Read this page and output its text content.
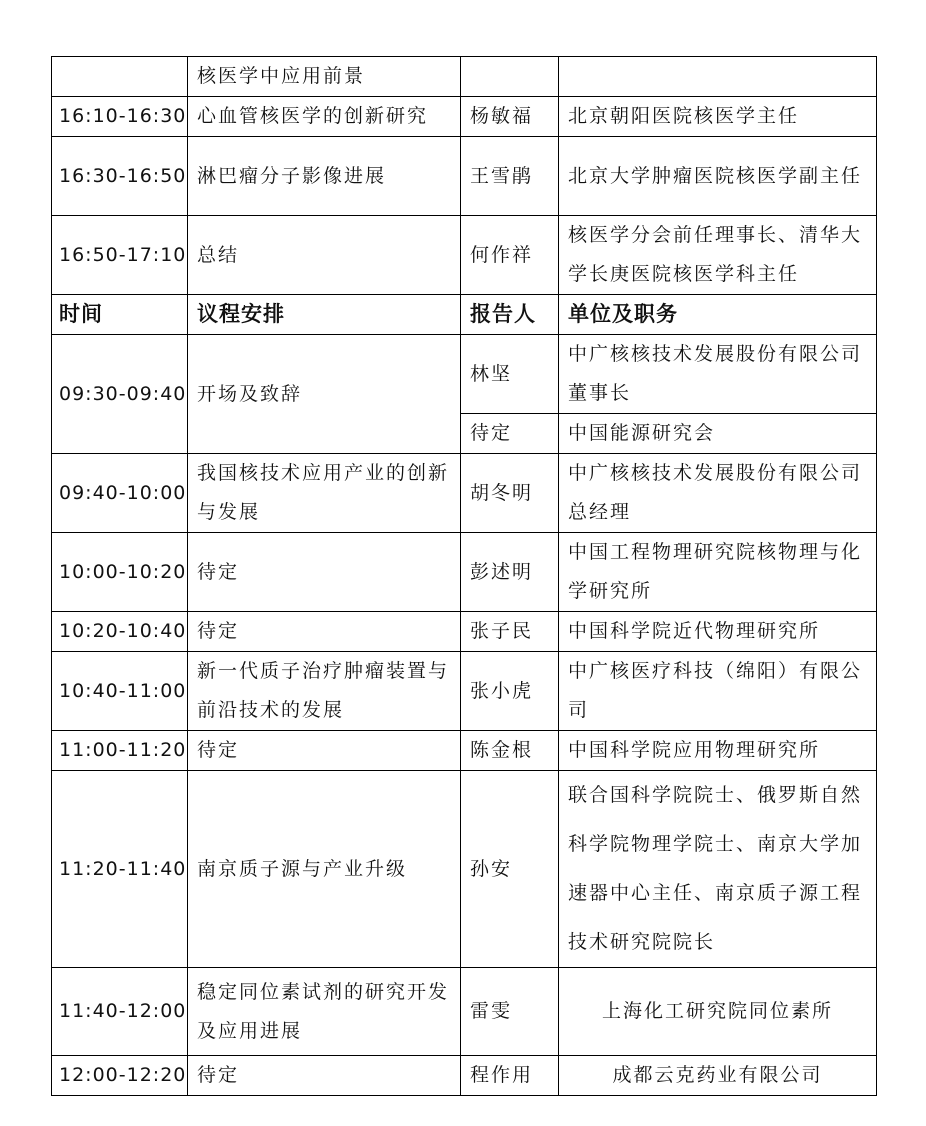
	核医学中应用前景		
16:10-16:30	心血管核医学的创新研究	杨敏福	北京朝阳医院核医学主任
16:30-16:50	淋巴瘤分子影像进展	王雪鹃	北京大学肿瘤医院核医学副主任
16:50-17:10	总结	何作祥	核医学分会前任理事长、清华大学长庚医院核医学科主任
时间	议程安排	报告人	单位及职务
09:30-09:40	开场及致辞	林坚	中广核核技术发展股份有限公司董事长
		待定	中国能源研究会
09:40-10:00	我国核技术应用产业的创新与发展	胡冬明	中广核核技术发展股份有限公司总经理
10:00-10:20	待定	彭述明	中国工程物理研究院核物理与化学研究所
10:20-10:40	待定	张子民	中国科学院近代物理研究所
10:40-11:00	新一代质子治疗肿瘤装置与前沿技术的发展	张小虎	中广核医疗科技（绵阳）有限公司
11:00-11:20	待定	陈金根	中国科学院应用物理研究所
11:20-11:40	南京质子源与产业升级	孙安	联合国科学院院士、俄罗斯自然科学院物理学院士、南京大学加速器中心主任、南京质子源工程技术研究院院长
11:40-12:00	稳定同位素试剂的研究开发及应用进展	雷雯	上海化工研究院同位素所
12:00-12:20	待定	程作用	成都云克药业有限公司
